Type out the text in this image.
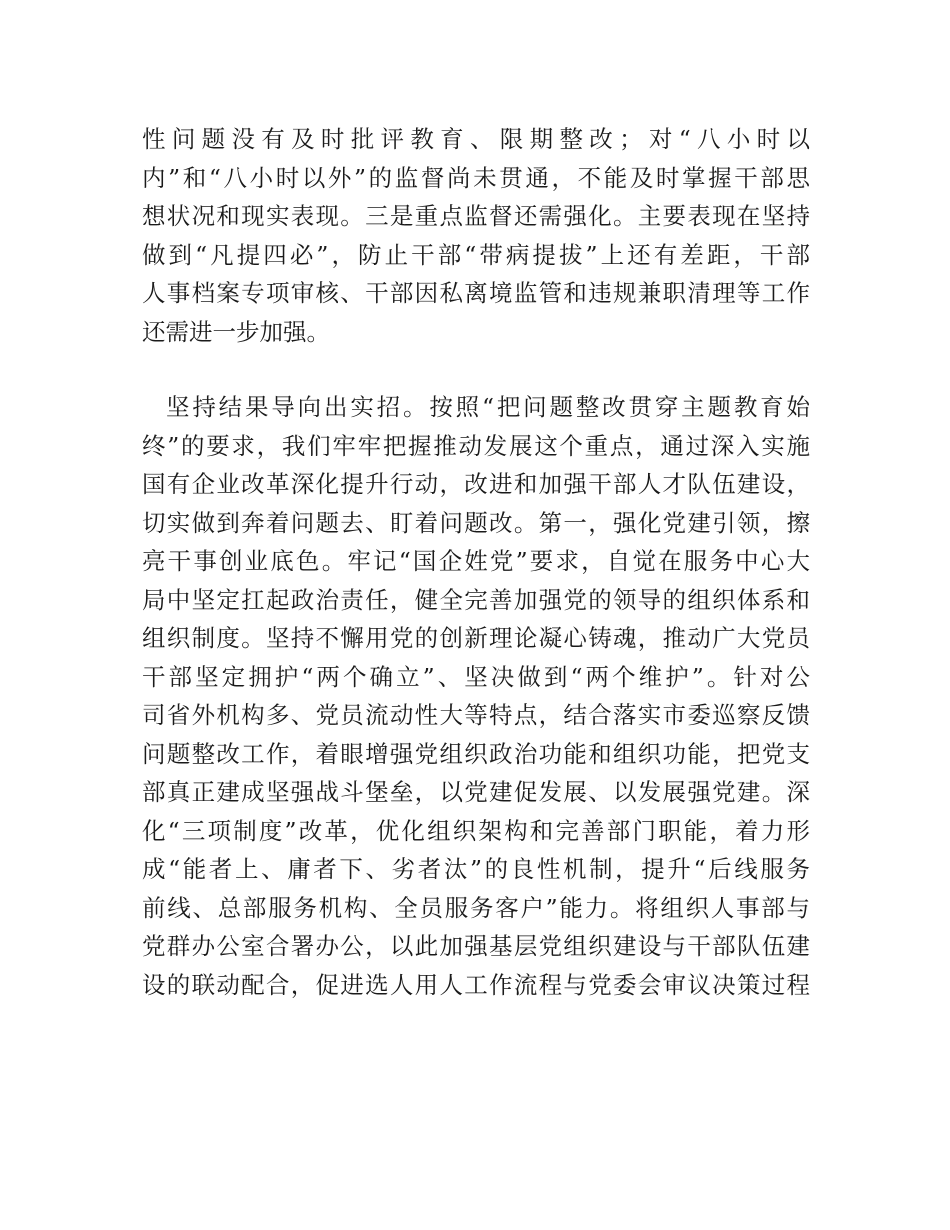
性问题没有及时批评教育、限期整改；对“八小时以
内”和“八小时以外”的监督尚未贯通，不能及时掌握干部思
想状况和现实表现。三是重点监督还需强化。主要表现在坚持
做到“凡提四必”，防止干部“带病提拔”上还有差距，干部
人事档案专项审核、干部因私离境监管和违规兼职清理等工作
还需进一步加强。
坚持结果导向出实招。按照“把问题整改贯穿主题教育始
终”的要求，我们牢牢把握推动发展这个重点，通过深入实施
国有企业改革深化提升行动，改进和加强干部人才队伍建设，
切实做到奔着问题去、盯着问题改。第一，强化党建引领，擦
亮干事创业底色。牢记“国企姓党”要求，自觉在服务中心大
局中坚定扛起政治责任，健全完善加强党的领导的组织体系和
组织制度。坚持不懈用党的创新理论凝心铸魂，推动广大党员
干部坚定拥护“两个确立”、坚决做到“两个维护”。针对公
司省外机构多、党员流动性大等特点，结合落实市委巡察反馈
问题整改工作，着眼增强党组织政治功能和组织功能，把党支
部真正建成坚强战斗堡垒，以党建促发展、以发展强党建。深
化“三项制度”改革，优化组织架构和完善部门职能，着力形
成“能者上、庸者下、劣者汰”的良性机制，提升“后线服务
前线、总部服务机构、全员服务客户”能力。将组织人事部与
党群办公室合署办公，以此加强基层党组织建设与干部队伍建
设的联动配合，促进选人用人工作流程与党委会审议决策过程
